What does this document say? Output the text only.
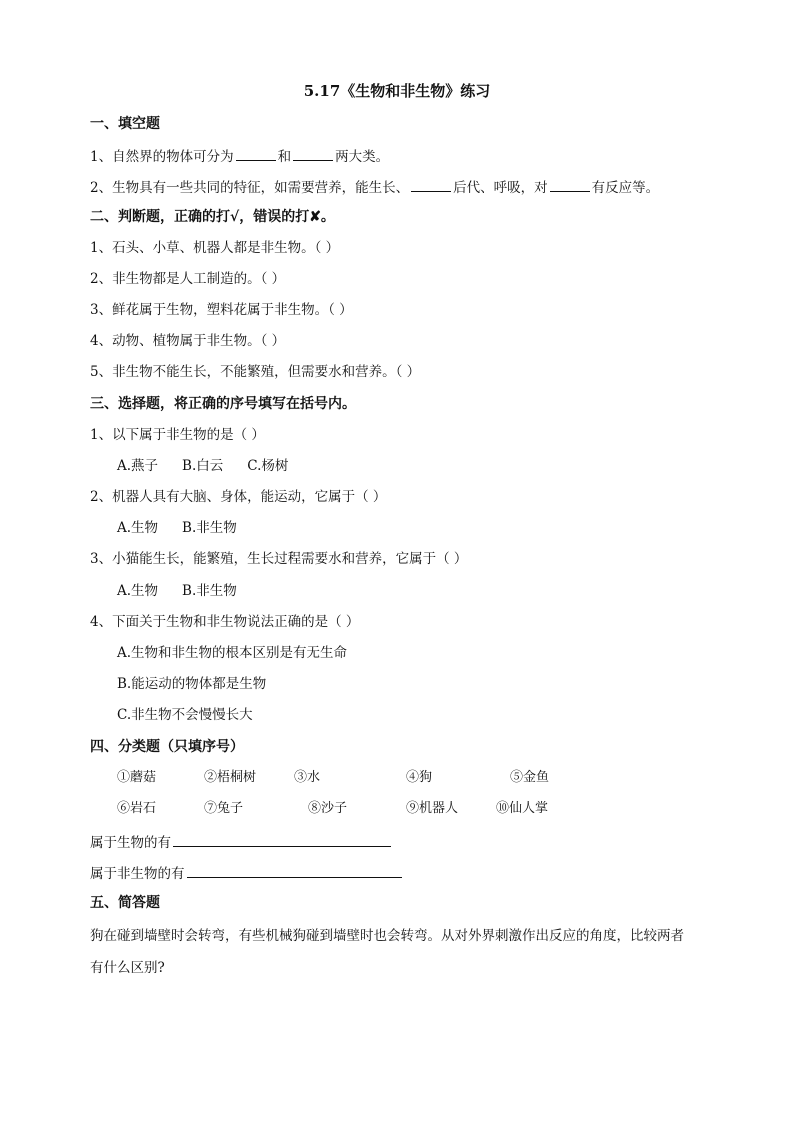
5.17《生物和非生物》练习
一、填空题
1、自然界的物体可分为	和	两大类。
2、生物具有一些共同的特征，如需要营养，能生长、	后代、呼吸，对	有反应等。
二、判断题，正确的打√，错误的打✘。
1、石头、小草、机器人都是非生物。（ ）
2、非生物都是人工制造的。（ ）
3、鲜花属于生物，塑料花属于非生物。（ ）
4、动物、植物属于非生物。（ ）
5、非生物不能生长，不能繁殖，但需要水和营养。（ ）
三、选择题，将正确的序号填写在括号内。
1、以下属于非生物的是（ ）
A.燕子 B.白云 C.杨树
2、机器人具有大脑、身体，能运动，它属于（ ）
A.生物 B.非生物
3、小猫能生长，能繁殖，生长过程需要水和营养，它属于（ ）
A.生物 B.非生物
4、下面关于生物和非生物说法正确的是（ ）
A.生物和非生物的根本区别是有无生命
B.能运动的物体都是生物
C.非生物不会慢慢长大
四、分类题（只填序号）
①蘑菇	②梧桐树	③水	④狗	⑤金鱼
⑥岩石	⑦兔子	⑧沙子	⑨机器人	⑩仙人掌
属于生物的有
属于非生物的有
五、简答题
狗在碰到墙壁时会转弯，有些机械狗碰到墙壁时也会转弯。从对外界刺激作出反应的角度，比较两者
有什么区别?
